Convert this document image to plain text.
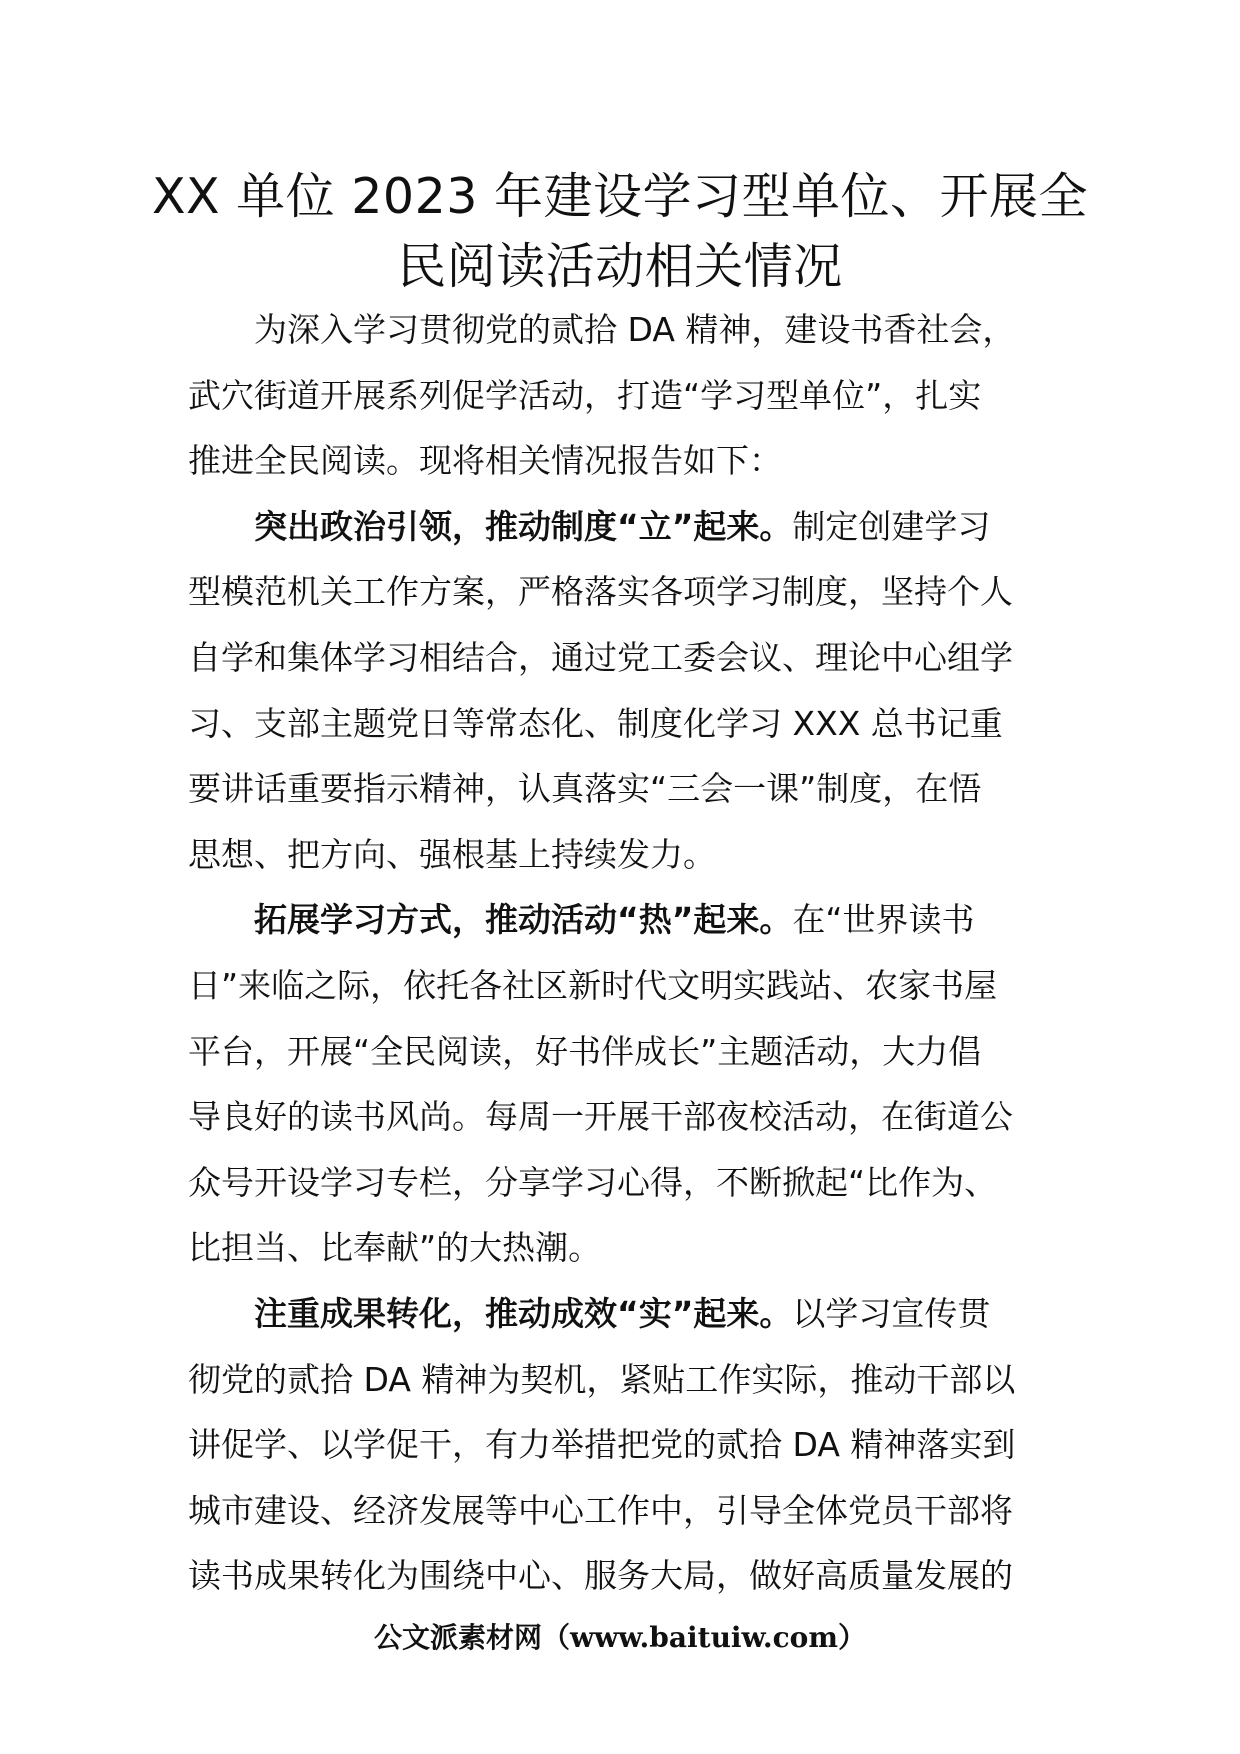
XX 单位 2023 年建设学习型单位、开展全
民阅读活动相关情况

为深入学习贯彻党的贰拾 DA 精神，建设书香社会，
武穴街道开展系列促学活动，打造“学习型单位”，扎实
推进全民阅读。现将相关情况报告如下：

突出政治引领，推动制度“立”起来。制定创建学习
型模范机关工作方案，严格落实各项学习制度，坚持个人
自学和集体学习相结合，通过党工委会议、理论中心组学
习、支部主题党日等常态化、制度化学习 XXX 总书记重
要讲话重要指示精神，认真落实“三会一课”制度，在悟
思想、把方向、强根基上持续发力。

拓展学习方式，推动活动“热”起来。在“世界读书
日”来临之际，依托各社区新时代文明实践站、农家书屋
平台，开展“全民阅读，好书伴成长”主题活动，大力倡
导良好的读书风尚。每周一开展干部夜校活动，在街道公
众号开设学习专栏，分享学习心得，不断掀起“比作为、
比担当、比奉献”的大热潮。

注重成果转化，推动成效“实”起来。以学习宣传贯
彻党的贰拾 DA 精神为契机，紧贴工作实际，推动干部以
讲促学、以学促干，有力举措把党的贰拾 DA 精神落实到
城市建设、经济发展等中心工作中，引导全体党员干部将
读书成果转化为围绕中心、服务大局，做好高质量发展的

公文派素材网（www.baituiw.com）
